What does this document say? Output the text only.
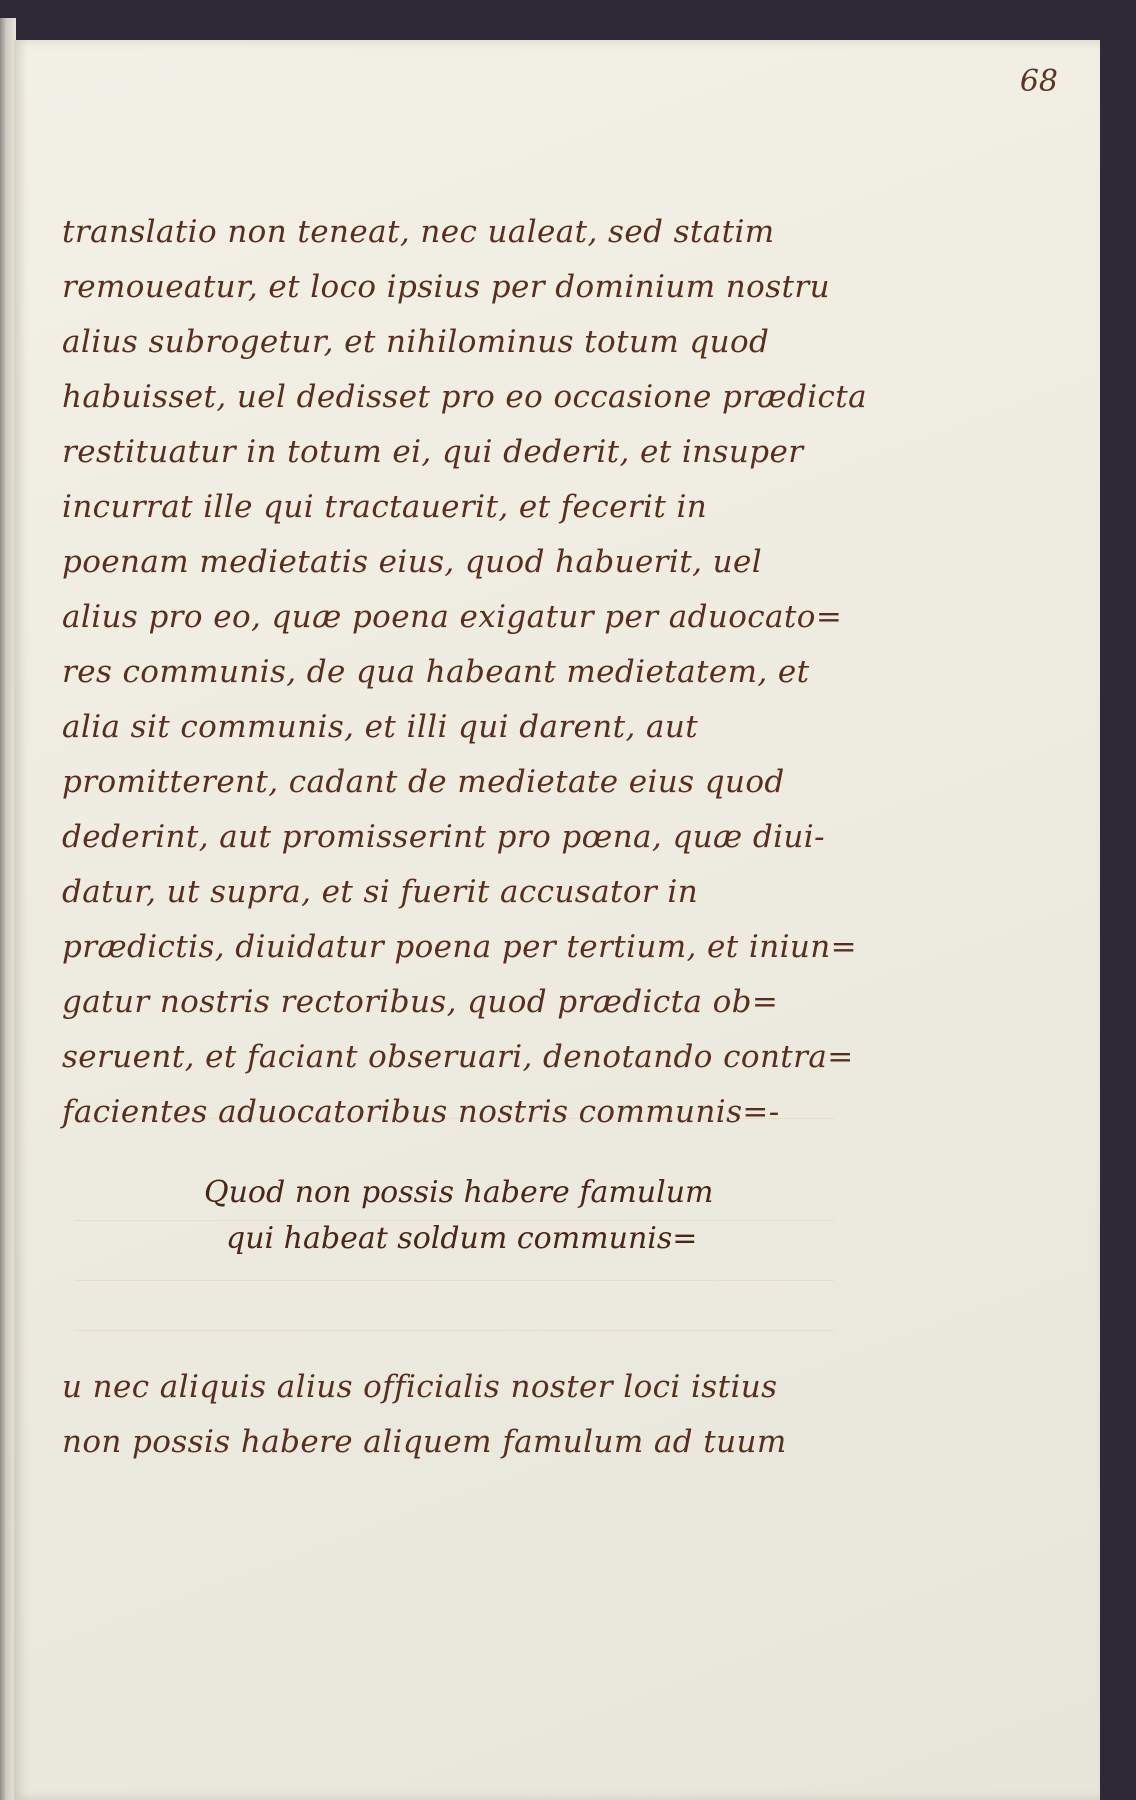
68
translatio non teneat, nec ualeat, sed statim
remoueatur, et loco ipsius per dominium nostru
alius subrogetur, et nihilominus totum quod
habuisset, uel dedisset pro eo occasione prædicta
restituatur in totum ei, qui dederit, et insuper
incurrat ille qui tractauerit, et fecerit in
poenam medietatis eius, quod habuerit, uel
alius pro eo, quæ poena exigatur per aduocato=
res communis, de qua habeant medietatem, et
alia sit communis, et illi qui darent, aut
promitterent, cadant de medietate eius quod
dederint, aut promisserint pro pœna, quæ diui-
datur, ut supra, et si fuerit accusator in
prædictis, diuidatur poena per tertium, et iniun=
gatur nostris rectoribus, quod prædicta ob=
seruent, et faciant obseruari, denotando contra=
facientes aduocatoribus nostris communis=-
Quod non possis habere famulum
qui habeat soldum communis=
u nec aliquis alius officialis noster loci istius
non possis habere aliquem famulum ad tuum
